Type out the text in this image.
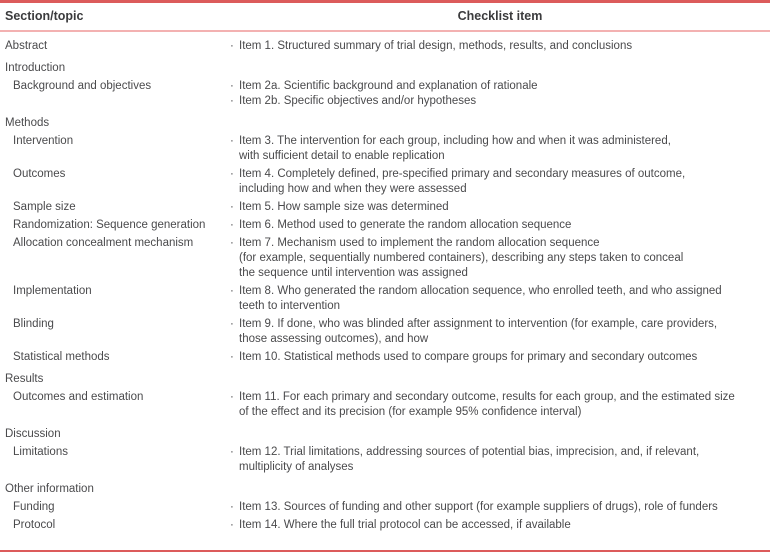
Section/topic	Checklist item
Abstract	· Item 1. Structured summary of trial design, methods, results, and conclusions
Introduction
Background and objectives	· Item 2a. Scientific background and explanation of rationale
· Item 2b. Specific objectives and/or hypotheses
Methods
Intervention	· Item 3. The intervention for each group, including how and when it was administered,
with sufficient detail to enable replication
Outcomes	· Item 4. Completely defined, pre-specified primary and secondary measures of outcome,
including how and when they were assessed
Sample size	· Item 5. How sample size was determined
Randomization: Sequence generation	· Item 6. Method used to generate the random allocation sequence
Allocation concealment mechanism	· Item 7. Mechanism used to implement the random allocation sequence
(for example, sequentially numbered containers), describing any steps taken to conceal
the sequence until intervention was assigned
Implementation	· Item 8. Who generated the random allocation sequence, who enrolled teeth, and who assigned
teeth to intervention
Blinding	· Item 9. If done, who was blinded after assignment to intervention (for example, care providers,
those assessing outcomes), and how
Statistical methods	· Item 10. Statistical methods used to compare groups for primary and secondary outcomes
Results
Outcomes and estimation	· Item 11. For each primary and secondary outcome, results for each group, and the estimated size
of the effect and its precision (for example 95% confidence interval)
Discussion
Limitations	· Item 12. Trial limitations, addressing sources of potential bias, imprecision, and, if relevant,
multiplicity of analyses
Other information
Funding	· Item 13. Sources of funding and other support (for example suppliers of drugs), role of funders
Protocol	· Item 14. Where the full trial protocol can be accessed, if available
